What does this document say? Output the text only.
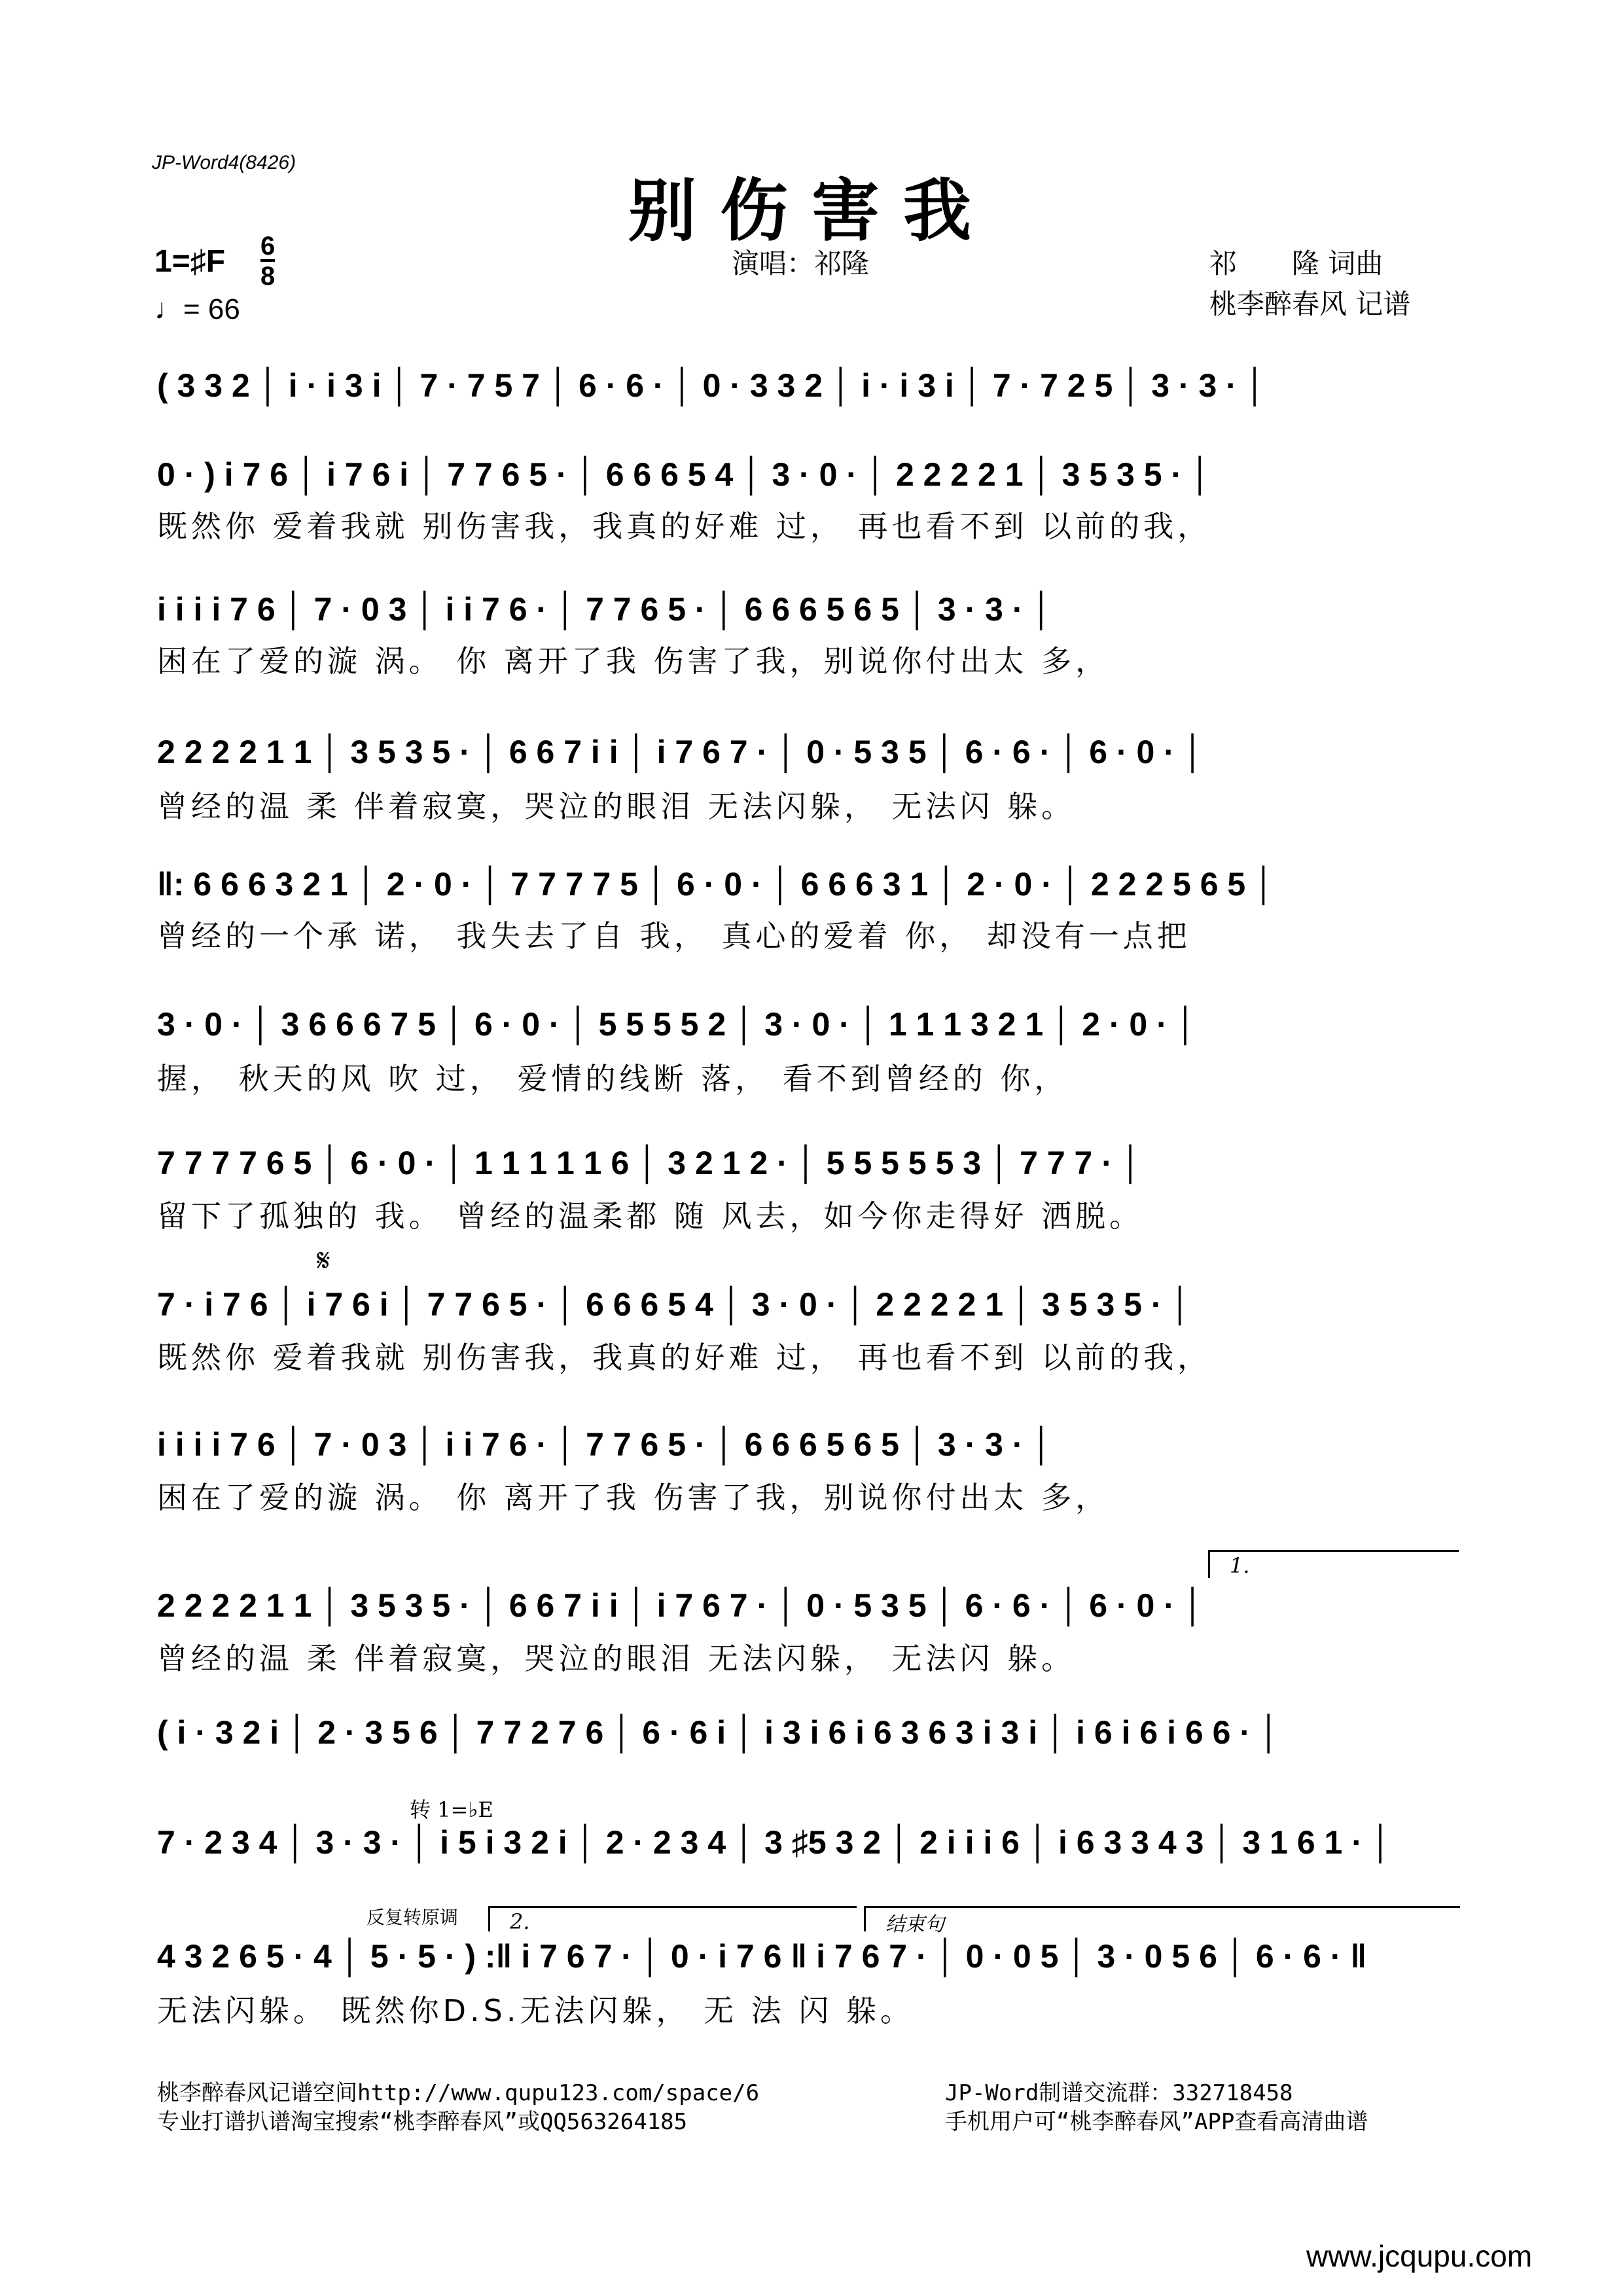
JP-Word4(8426)
别伤害我
1=♯F 6
8
♩= 66
演唱：祁隆	祁　　隆 词曲
桃李醉春风 记谱
( 3 3 2 │ i · i 3 i │ 7 · 7 5 7 │ 6 · 6 · │ 0 · 3 3 2 │ i · i 3 i │ 7 · 7 2 5 │ 3 · 3 · │
0 · ) i 7 6 │ i 7 6 i │ 7 7 6 5 · │ 6 6 6 5 4 │ 3 · 0 · │ 2 2 2 2 1 │ 3 5 3 5 · │
既然你 爱着我就 别伤害我，我真的好难 过， 再也看不到 以前的我，
i i i i 7 6 │ 7 · 0 3 │ i i 7 6 · │ 7 7 6 5 · │ 6 6 6 5 6 5 │ 3 · 3 · │
困在了爱的漩 涡。 你 离开了我 伤害了我，别说你付出太 多，
2 2 2 2 1 1 │ 3 5 3 5 · │ 6 6 7 i i │ i 7 6 7 · │ 0 · 5 3 5 │ 6 · 6 · │ 6 · 0 · │
曾经的温 柔 伴着寂寞，哭泣的眼泪 无法闪躲， 无法闪 躲。
‖: 6 6 6 3 2 1 │ 2 · 0 · │ 7 7 7 7 5 │ 6 · 0 · │ 6 6 6 3 1 │ 2 · 0 · │ 2 2 2 5 6 5 │
曾经的一个承 诺， 我失去了自 我， 真心的爱着 你， 却没有一点把
3 · 0 · │ 3 6 6 6 7 5 │ 6 · 0 · │ 5 5 5 5 2 │ 3 · 0 · │ 1 1 1 3 2 1 │ 2 · 0 · │
握， 秋天的风 吹 过， 爱情的线断 落， 看不到曾经的 你，
7 7 7 7 6 5 │ 6 · 0 · │ 1 1 1 1 1 6 │ 3 2 1 2 · │ 5 5 5 5 5 3 │ 7 7 7 · │
留下了孤独的 我。 曾经的温柔都 随 风去，如今你走得好 洒脱。
𝄋
7 · i 7 6 │ i 7 6 i │ 7 7 6 5 · │ 6 6 6 5 4 │ 3 · 0 · │ 2 2 2 2 1 │ 3 5 3 5 · │
既然你 爱着我就 别伤害我，我真的好难 过， 再也看不到 以前的我，
i i i i 7 6 │ 7 · 0 3 │ i i 7 6 · │ 7 7 6 5 · │ 6 6 6 5 6 5 │ 3 · 3 · │
困在了爱的漩 涡。 你 离开了我 伤害了我，别说你付出太 多，
1.
2 2 2 2 1 1 │ 3 5 3 5 · │ 6 6 7 i i │ i 7 6 7 · │ 0 · 5 3 5 │ 6 · 6 · │ 6 · 0 · │
曾经的温 柔 伴着寂寞，哭泣的眼泪 无法闪躲， 无法闪 躲。
( i · 3 2 i │ 2 · 3 5 6 │ 7 7 2 7 6 │ 6 · 6 i │ i 3 i 6 i 6 3 6 3 i 3 i │ i 6 i 6 i 6 6 · │
转 1=♭E
7 · 2 3 4 │ 3 · 3 · │ i 5 i 3 2 i │ 2 · 2 3 4 │ 3 ♯5 3 2 │ 2 i i i 6 │ i 6 3 3 4 3 │ 3 1 6 1 · │
反复转原调 2.	结束句
4 3 2 6 5 · 4 │ 5 · 5 · ) :‖ i 7 6 7 · │ 0 · i 7 6 ‖ i 7 6 7 · │ 0 · 0 5 │ 3 · 0 5 6 │ 6 · 6 · ‖
无法闪躲。 既然你D.S.无法闪躲， 无 法 闪 躲。
桃李醉春风记谱空间http://www.qupu123.com/space/6
专业打谱扒谱淘宝搜索“桃李醉春风”或QQ563264185
JP-Word制谱交流群：332718458
手机用户可“桃李醉春风”APP查看高清曲谱
www.jcqupu.com
